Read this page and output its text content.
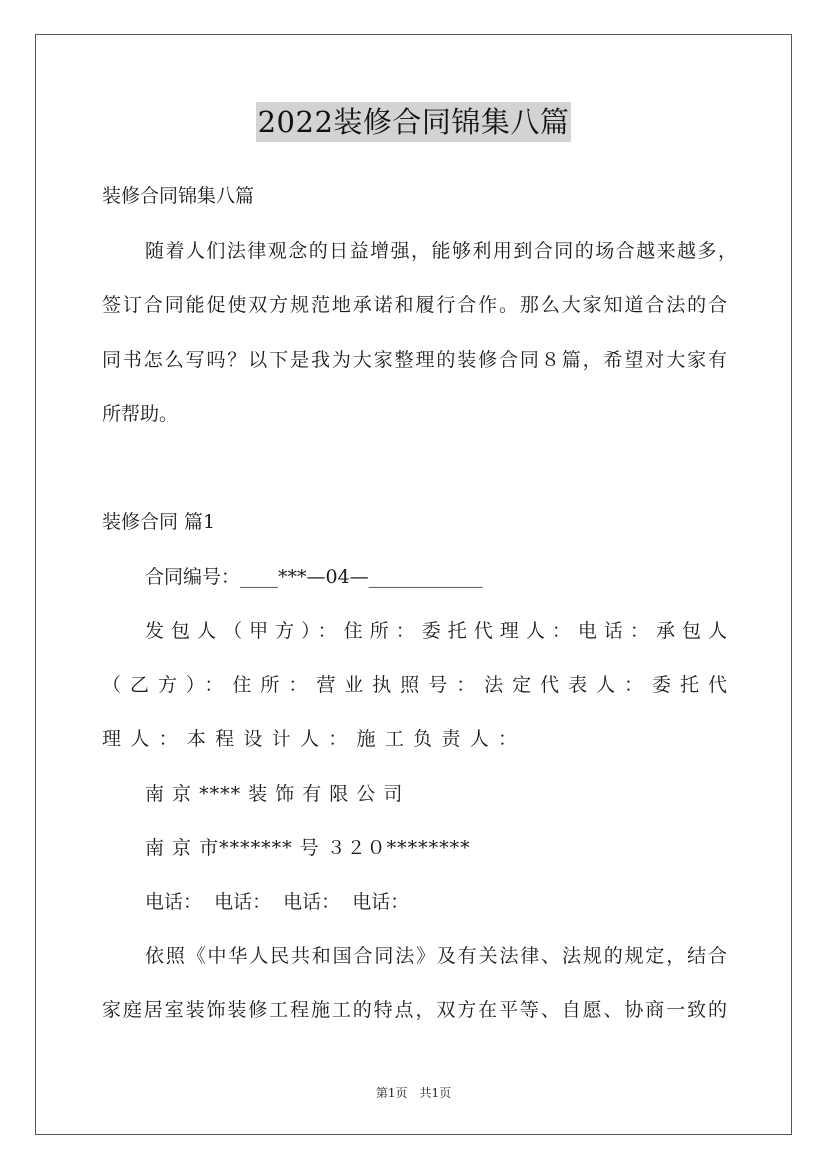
2022装修合同锦集八篇
装修合同锦集八篇
随着人们法律观念的日益增强，能够利用到合同的场合越来越多，
签订合同能促使双方规范地承诺和履行合作。那么大家知道合法的合
同书怎么写吗？以下是我为大家整理的装修合同８篇，希望对大家有
所帮助。
装修合同 篇1
合同编号：____***—04—____________
发包人（甲方）：住所：委托代理人：电话：承包人
（乙方）：住所：营业执照号：法定代表人：委托代
理人：本程设计人：施工负责人：
南 京 **** 装 饰 有 限 公 司
南 京 市******* 号 ３２０********
电话：  电话：  电话：  电话：
依照《中华人民共和国合同法》及有关法律、法规的规定，结合
家庭居室装饰装修工程施工的特点，双方在平等、自愿、协商一致的
第1页 共1页
